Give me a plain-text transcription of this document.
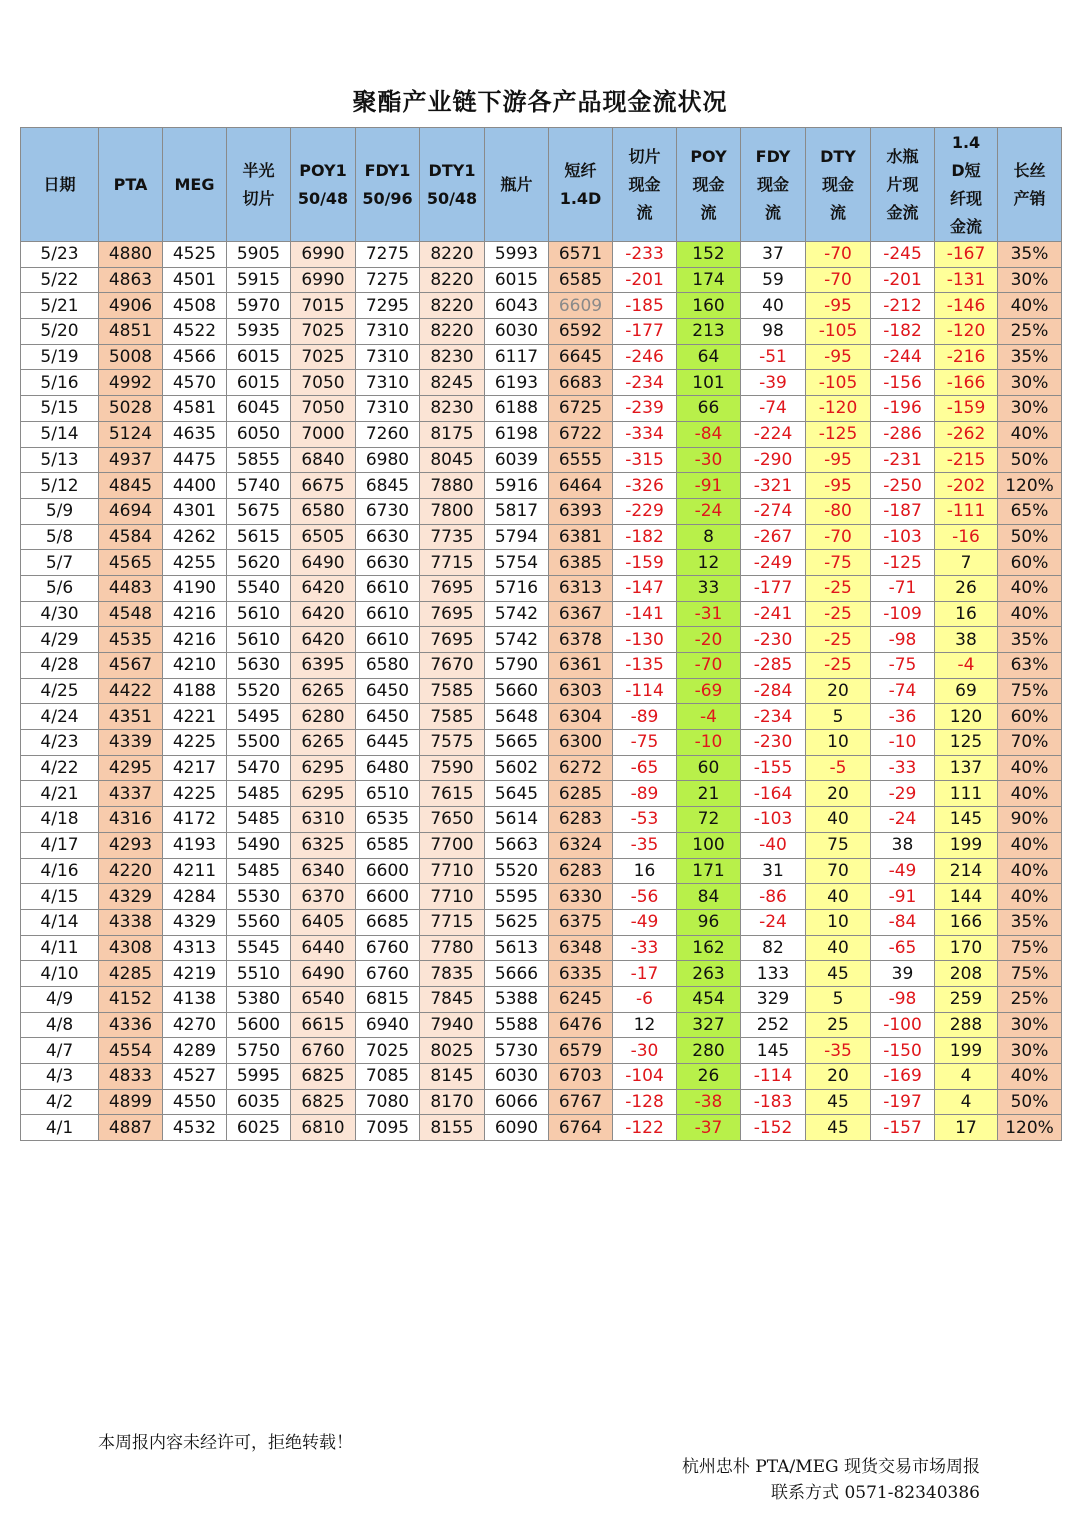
聚酯产业链下游各产品现金流状况
日期	PTA	MEG	半光切片	POY150/48	FDY150/96	DTY150/48	瓶片	短纤1.4D	切片现金流	POY现金流	FDY现金流	DTY现金流	水瓶片现金流	1.4D短纤现金流	长丝产销
5/23	4880	4525	5905	6990	7275	8220	5993	6571	-233	152	37	-70	-245	-167	35%
5/22	4863	4501	5915	6990	7275	8220	6015	6585	-201	174	59	-70	-201	-131	30%
5/21	4906	4508	5970	7015	7295	8220	6043	6609	-185	160	40	-95	-212	-146	40%
5/20	4851	4522	5935	7025	7310	8220	6030	6592	-177	213	98	-105	-182	-120	25%
5/19	5008	4566	6015	7025	7310	8230	6117	6645	-246	64	-51	-95	-244	-216	35%
5/16	4992	4570	6015	7050	7310	8245	6193	6683	-234	101	-39	-105	-156	-166	30%
5/15	5028	4581	6045	7050	7310	8230	6188	6725	-239	66	-74	-120	-196	-159	30%
5/14	5124	4635	6050	7000	7260	8175	6198	6722	-334	-84	-224	-125	-286	-262	40%
5/13	4937	4475	5855	6840	6980	8045	6039	6555	-315	-30	-290	-95	-231	-215	50%
5/12	4845	4400	5740	6675	6845	7880	5916	6464	-326	-91	-321	-95	-250	-202	120%
5/9	4694	4301	5675	6580	6730	7800	5817	6393	-229	-24	-274	-80	-187	-111	65%
5/8	4584	4262	5615	6505	6630	7735	5794	6381	-182	8	-267	-70	-103	-16	50%
5/7	4565	4255	5620	6490	6630	7715	5754	6385	-159	12	-249	-75	-125	7	60%
5/6	4483	4190	5540	6420	6610	7695	5716	6313	-147	33	-177	-25	-71	26	40%
4/30	4548	4216	5610	6420	6610	7695	5742	6367	-141	-31	-241	-25	-109	16	40%
4/29	4535	4216	5610	6420	6610	7695	5742	6378	-130	-20	-230	-25	-98	38	35%
4/28	4567	4210	5630	6395	6580	7670	5790	6361	-135	-70	-285	-25	-75	-4	63%
4/25	4422	4188	5520	6265	6450	7585	5660	6303	-114	-69	-284	20	-74	69	75%
4/24	4351	4221	5495	6280	6450	7585	5648	6304	-89	-4	-234	5	-36	120	60%
4/23	4339	4225	5500	6265	6445	7575	5665	6300	-75	-10	-230	10	-10	125	70%
4/22	4295	4217	5470	6295	6480	7590	5602	6272	-65	60	-155	-5	-33	137	40%
4/21	4337	4225	5485	6295	6510	7615	5645	6285	-89	21	-164	20	-29	111	40%
4/18	4316	4172	5485	6310	6535	7650	5614	6283	-53	72	-103	40	-24	145	90%
4/17	4293	4193	5490	6325	6585	7700	5663	6324	-35	100	-40	75	38	199	40%
4/16	4220	4211	5485	6340	6600	7710	5520	6283	16	171	31	70	-49	214	40%
4/15	4329	4284	5530	6370	6600	7710	5595	6330	-56	84	-86	40	-91	144	40%
4/14	4338	4329	5560	6405	6685	7715	5625	6375	-49	96	-24	10	-84	166	35%
4/11	4308	4313	5545	6440	6760	7780	5613	6348	-33	162	82	40	-65	170	75%
4/10	4285	4219	5510	6490	6760	7835	5666	6335	-17	263	133	45	39	208	75%
4/9	4152	4138	5380	6540	6815	7845	5388	6245	-6	454	329	5	-98	259	25%
4/8	4336	4270	5600	6615	6940	7940	5588	6476	12	327	252	25	-100	288	30%
4/7	4554	4289	5750	6760	7025	8025	5730	6579	-30	280	145	-35	-150	199	30%
4/3	4833	4527	5995	6825	7085	8145	6030	6703	-104	26	-114	20	-169	4	40%
4/2	4899	4550	6035	6825	7080	8170	6066	6767	-128	-38	-183	45	-197	4	50%
4/1	4887	4532	6025	6810	7095	8155	6090	6764	-122	-37	-152	45	-157	17	120%
本周报内容未经许可，拒绝转载！
杭州忠朴 PTA/MEG 现货交易市场周报
联系方式 0571-82340386
